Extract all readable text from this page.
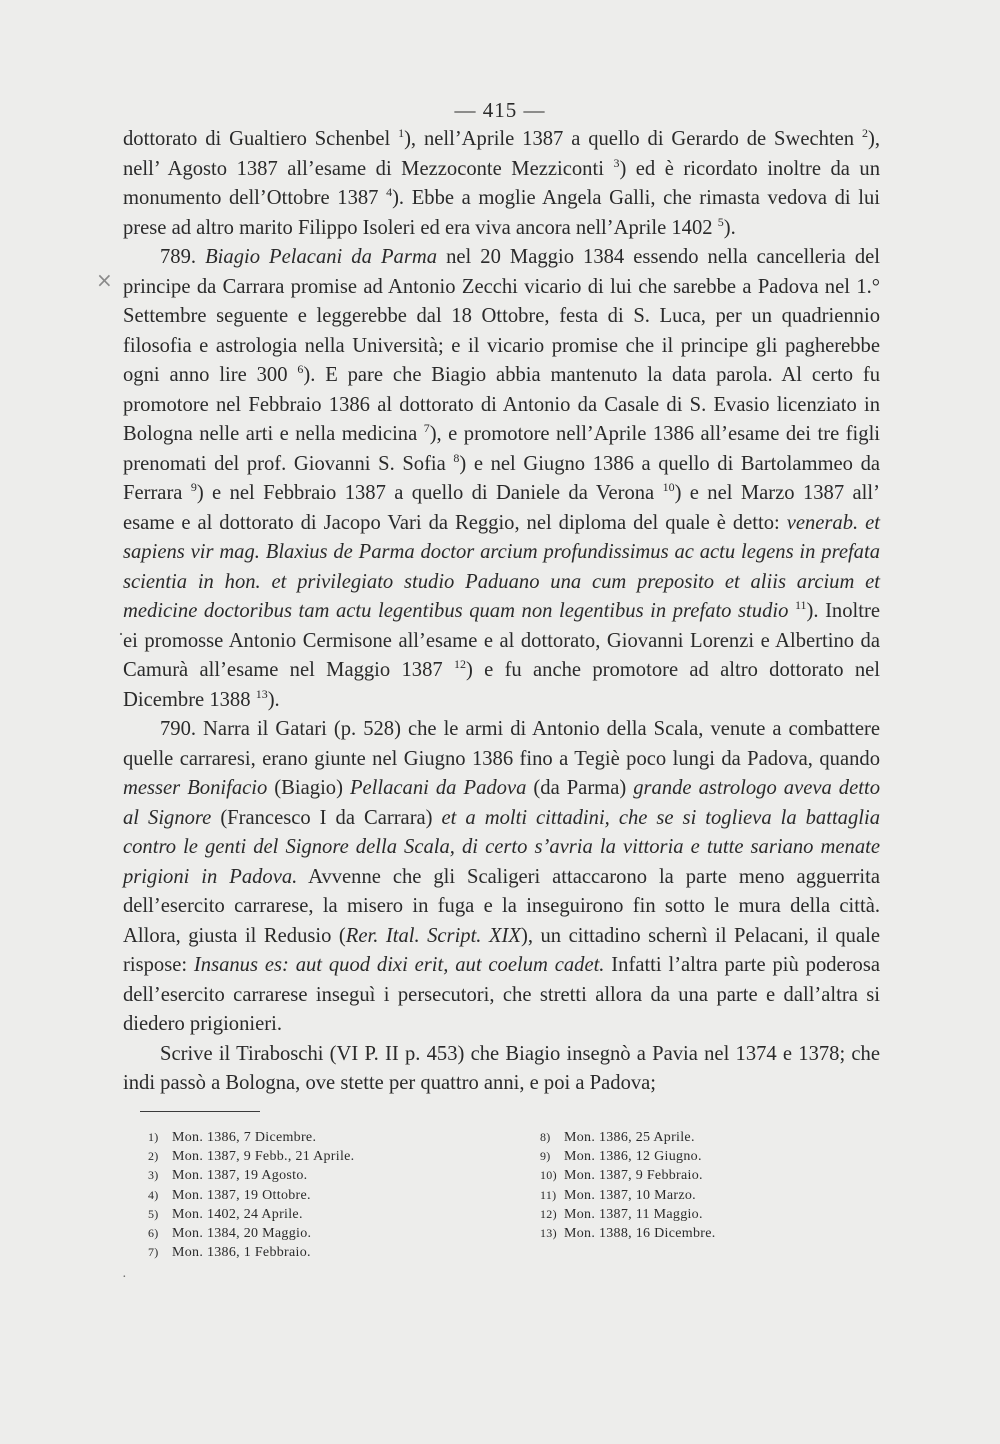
— 415 —
×
·
·

dottorato di Gualtiero Schenbel $^1$), nell’Aprile 1387 a quello di Gerardo de Swechten $^2$), nell’ Agosto 1387 all’esame di Mezzoconte Mezziconti $^3$) ed è ricordato inoltre da un monumento dell’Ottobre 1387 $^4$). Ebbe a moglie Angela Galli, che rimasta vedova di lui prese ad altro marito Filippo Isoleri ed era viva ancora nell’Aprile 1402 $^5$).

789. Biagio Pelacani da Parma nel 20 Maggio 1384 essendo nella cancelleria del principe da Carrara promise ad Antonio Zecchi vicario di lui che sarebbe a Padova nel 1.° Settembre seguente e leggerebbe dal 18 Ottobre, festa di S. Luca, per un quadriennio filosofia e astrologia nella Università; e il vicario promise che il principe gli pagherebbe ogni anno lire 300 $^6$). E pare che Biagio abbia mantenuto la data parola. Al certo fu promotore nel Febbraio 1386 al dottorato di Antonio da Casale di S. Evasio licenziato in Bologna nelle arti e nella medicina $^7$), e promotore nell’Aprile 1386 all’esame dei tre figli prenomati del prof. Giovanni S. Sofia $^8$) e nel Giugno 1386 a quello di Bartolammeo da Ferrara $^9$) e nel Febbraio 1387 a quello di Daniele da Verona $^{10}$) e nel Marzo 1387 all’ esame e al dottorato di Jacopo Vari da Reggio, nel diploma del quale è detto: venerab. et sapiens vir mag. Blaxius de Parma doctor arcium profundissimus ac actu legens in prefata scientia in hon. et privilegiato studio Paduano una cum preposito et aliis arcium et medicine doctoribus tam actu legentibus quam non legentibus in prefato studio $^{11}$). Inoltre ei promosse Antonio Cermisone all’esame e al dottorato, Giovanni Lorenzi e Albertino da Camurà all’esame nel Maggio 1387 $^{12}$) e fu anche promotore ad altro dottorato nel Dicembre 1388 $^{13}$).

790. Narra il Gatari (p. 528) che le armi di Antonio della Scala, venute a combattere quelle carraresi, erano giunte nel Giugno 1386 fino a Tegiè poco lungi da Padova, quando messer Bonifacio (Biagio) Pellacani da Padova (da Parma) grande astrologo aveva detto al Signore (Francesco I da Carrara) et a molti cittadini, che se si toglieva la battaglia contro le genti del Signore della Scala, di certo s’avria la vittoria e tutte sariano menate prigioni in Padova. Avvenne che gli Scaligeri attaccarono la parte meno agguerrita dell’esercito carrarese, la misero in fuga e la inseguirono fin sotto le mura della città. Allora, giusta il Redusio (Rer. Ital. Script. XIX), un cittadino schernì il Pelacani, il quale rispose: Insanus es: aut quod dixi erit, aut coelum cadet. Infatti l’altra parte più poderosa dell’esercito carrarese inseguì i persecutori, che stretti allora da una parte e dall’altra si diedero prigionieri.

Scrive il Tiraboschi (VI P. II p. 453) che Biagio insegnò a Pavia nel 1374 e 1378; che indi passò a Bologna, ove stette per quattro anni, e poi a Padova;

1) Mon. 1386, 7 Dicembre.
2) Mon. 1387, 9 Febb., 21 Aprile.
3) Mon. 1387, 19 Agosto.
4) Mon. 1387, 19 Ottobre.
5) Mon. 1402, 24 Aprile.
6) Mon. 1384, 20 Maggio.
7) Mon. 1386, 1 Febbraio.
8) Mon. 1386, 25 Aprile.
9) Mon. 1386, 12 Giugno.
10) Mon. 1387, 9 Febbraio.
11) Mon. 1387, 10 Marzo.
12) Mon. 1387, 11 Maggio.
13) Mon. 1388, 16 Dicembre.
